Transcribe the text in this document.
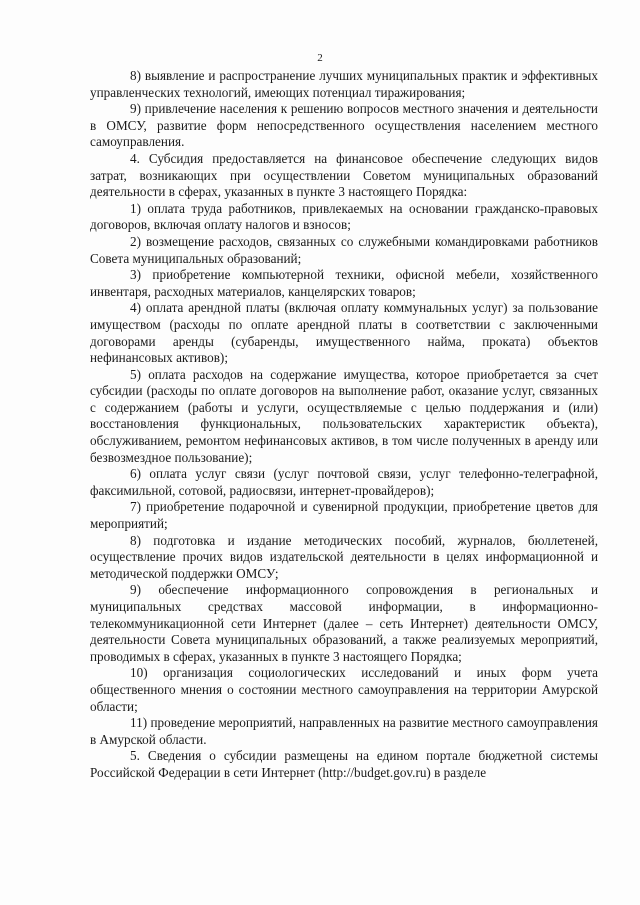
2

8) выявление и распространение лучших муниципальных практик и эффективных управленческих технологий, имеющих потенциал тиражирования;

9) привлечение населения к решению вопросов местного значения и деятельности в ОМСУ, развитие форм непосредственного осуществления населением местного самоуправления.

4. Субсидия предоставляется на финансовое обеспечение следующих видов затрат, возникающих при осуществлении Советом муниципальных образований деятельности в сферах, указанных в пункте 3 настоящего Порядка:

1) оплата труда работников, привлекаемых на основании гражданско-правовых договоров, включая оплату налогов и взносов;

2) возмещение расходов, связанных со служебными командировками работников Совета муниципальных образований;

3) приобретение компьютерной техники, офисной мебели, хозяйственного инвентаря, расходных материалов, канцелярских товаров;

4) оплата арендной платы (включая оплату коммунальных услуг) за пользование имуществом (расходы по оплате арендной платы в соответствии с заключенными договорами аренды (субаренды, имущественного найма, проката) объектов нефинансовых активов);

5) оплата расходов на содержание имущества, которое приобретается за счет субсидии (расходы по оплате договоров на выполнение работ, оказание услуг, связанных с содержанием (работы и услуги, осуществляемые с целью поддержания и (или) восстановления функциональных, пользовательских характеристик объекта), обслуживанием, ремонтом нефинансовых активов, в том числе полученных в аренду или безвозмездное пользование);

6) оплата услуг связи (услуг почтовой связи, услуг телефонно-телеграфной, факсимильной, сотовой, радиосвязи, интернет-провайдеров);

7) приобретение подарочной и сувенирной продукции, приобретение цветов для мероприятий;

8) подготовка и издание методических пособий, журналов, бюллетеней, осуществление прочих видов издательской деятельности в целях информационной и методической поддержки ОМСУ;

9) обеспечение информационного сопровождения в региональных и муниципальных средствах массовой информации, в информационно-телекоммуникационной сети Интернет (далее – сеть Интернет) деятельности ОМСУ, деятельности Совета муниципальных образований, а также реализуемых мероприятий, проводимых в сферах, указанных в пункте 3 настоящего Порядка;

10) организация социологических исследований и иных форм учета общественного мнения о состоянии местного самоуправления на территории Амурской области;

11) проведение мероприятий, направленных на развитие местного самоуправления в Амурской области.

5. Сведения о субсидии размещены на едином портале бюджетной системы Российской Федерации в сети Интернет (http://budget.gov.ru) в разделе
